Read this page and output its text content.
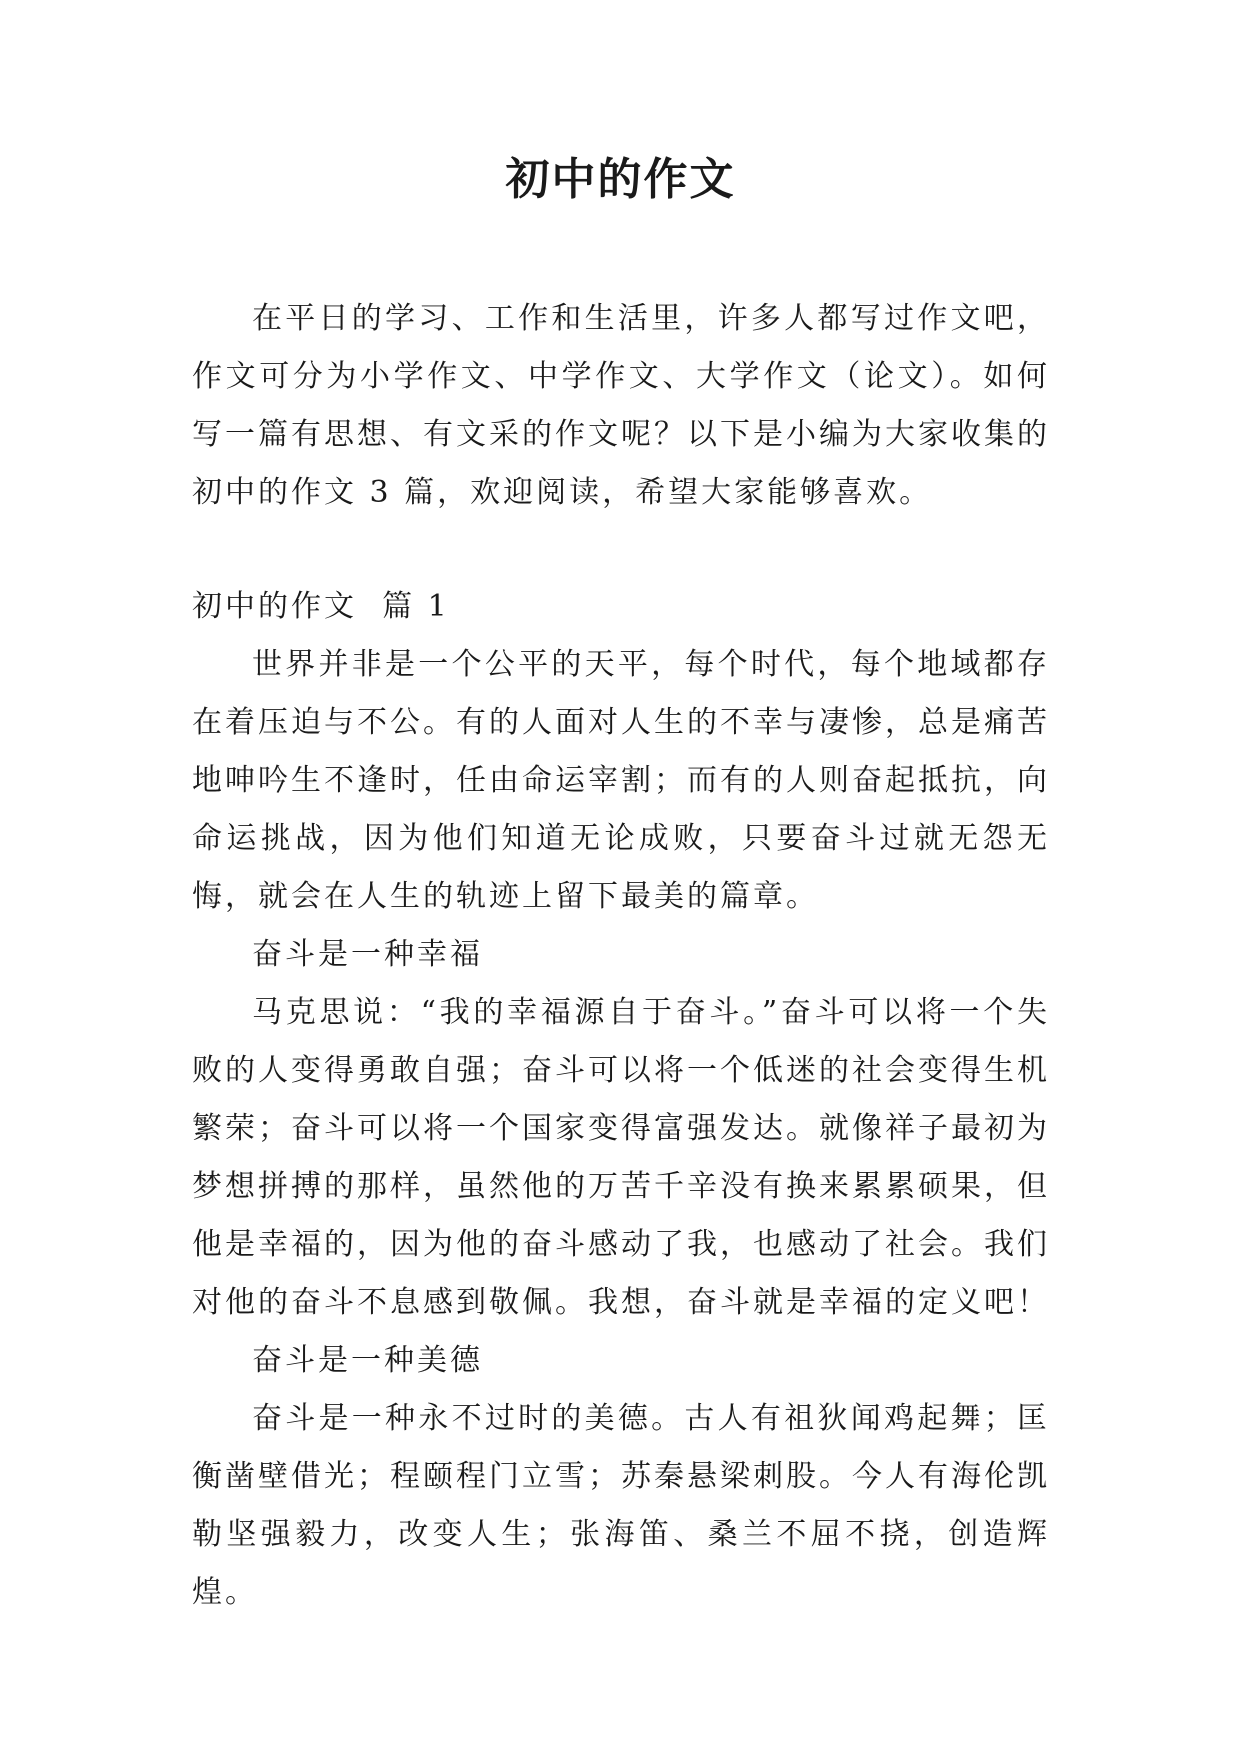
初中的作文

在平日的学习、工作和生活里，许多人都写过作文吧，作文可分为小学作文、中学作文、大学作文（论文）。如何写一篇有思想、有文采的作文呢？以下是小编为大家收集的初中的作文 3 篇，欢迎阅读，希望大家能够喜欢。

初中的作文  篇 1

世界并非是一个公平的天平，每个时代，每个地域都存在着压迫与不公。有的人面对人生的不幸与凄惨，总是痛苦地呻吟生不逢时，任由命运宰割；而有的人则奋起抵抗，向命运挑战，因为他们知道无论成败，只要奋斗过就无怨无悔，就会在人生的轨迹上留下最美的篇章。

奋斗是一种幸福

马克思说：“我的幸福源自于奋斗。”奋斗可以将一个失败的人变得勇敢自强；奋斗可以将一个低迷的社会变得生机繁荣；奋斗可以将一个国家变得富强发达。就像祥子最初为梦想拼搏的那样，虽然他的万苦千辛没有换来累累硕果，但他是幸福的，因为他的奋斗感动了我，也感动了社会。我们对他的奋斗不息感到敬佩。我想，奋斗就是幸福的定义吧！

奋斗是一种美德

奋斗是一种永不过时的美德。古人有祖狄闻鸡起舞；匡衡凿壁借光；程颐程门立雪；苏秦悬梁刺股。今人有海伦凯勒坚强毅力，改变人生；张海笛、桑兰不屈不挠，创造辉煌。
